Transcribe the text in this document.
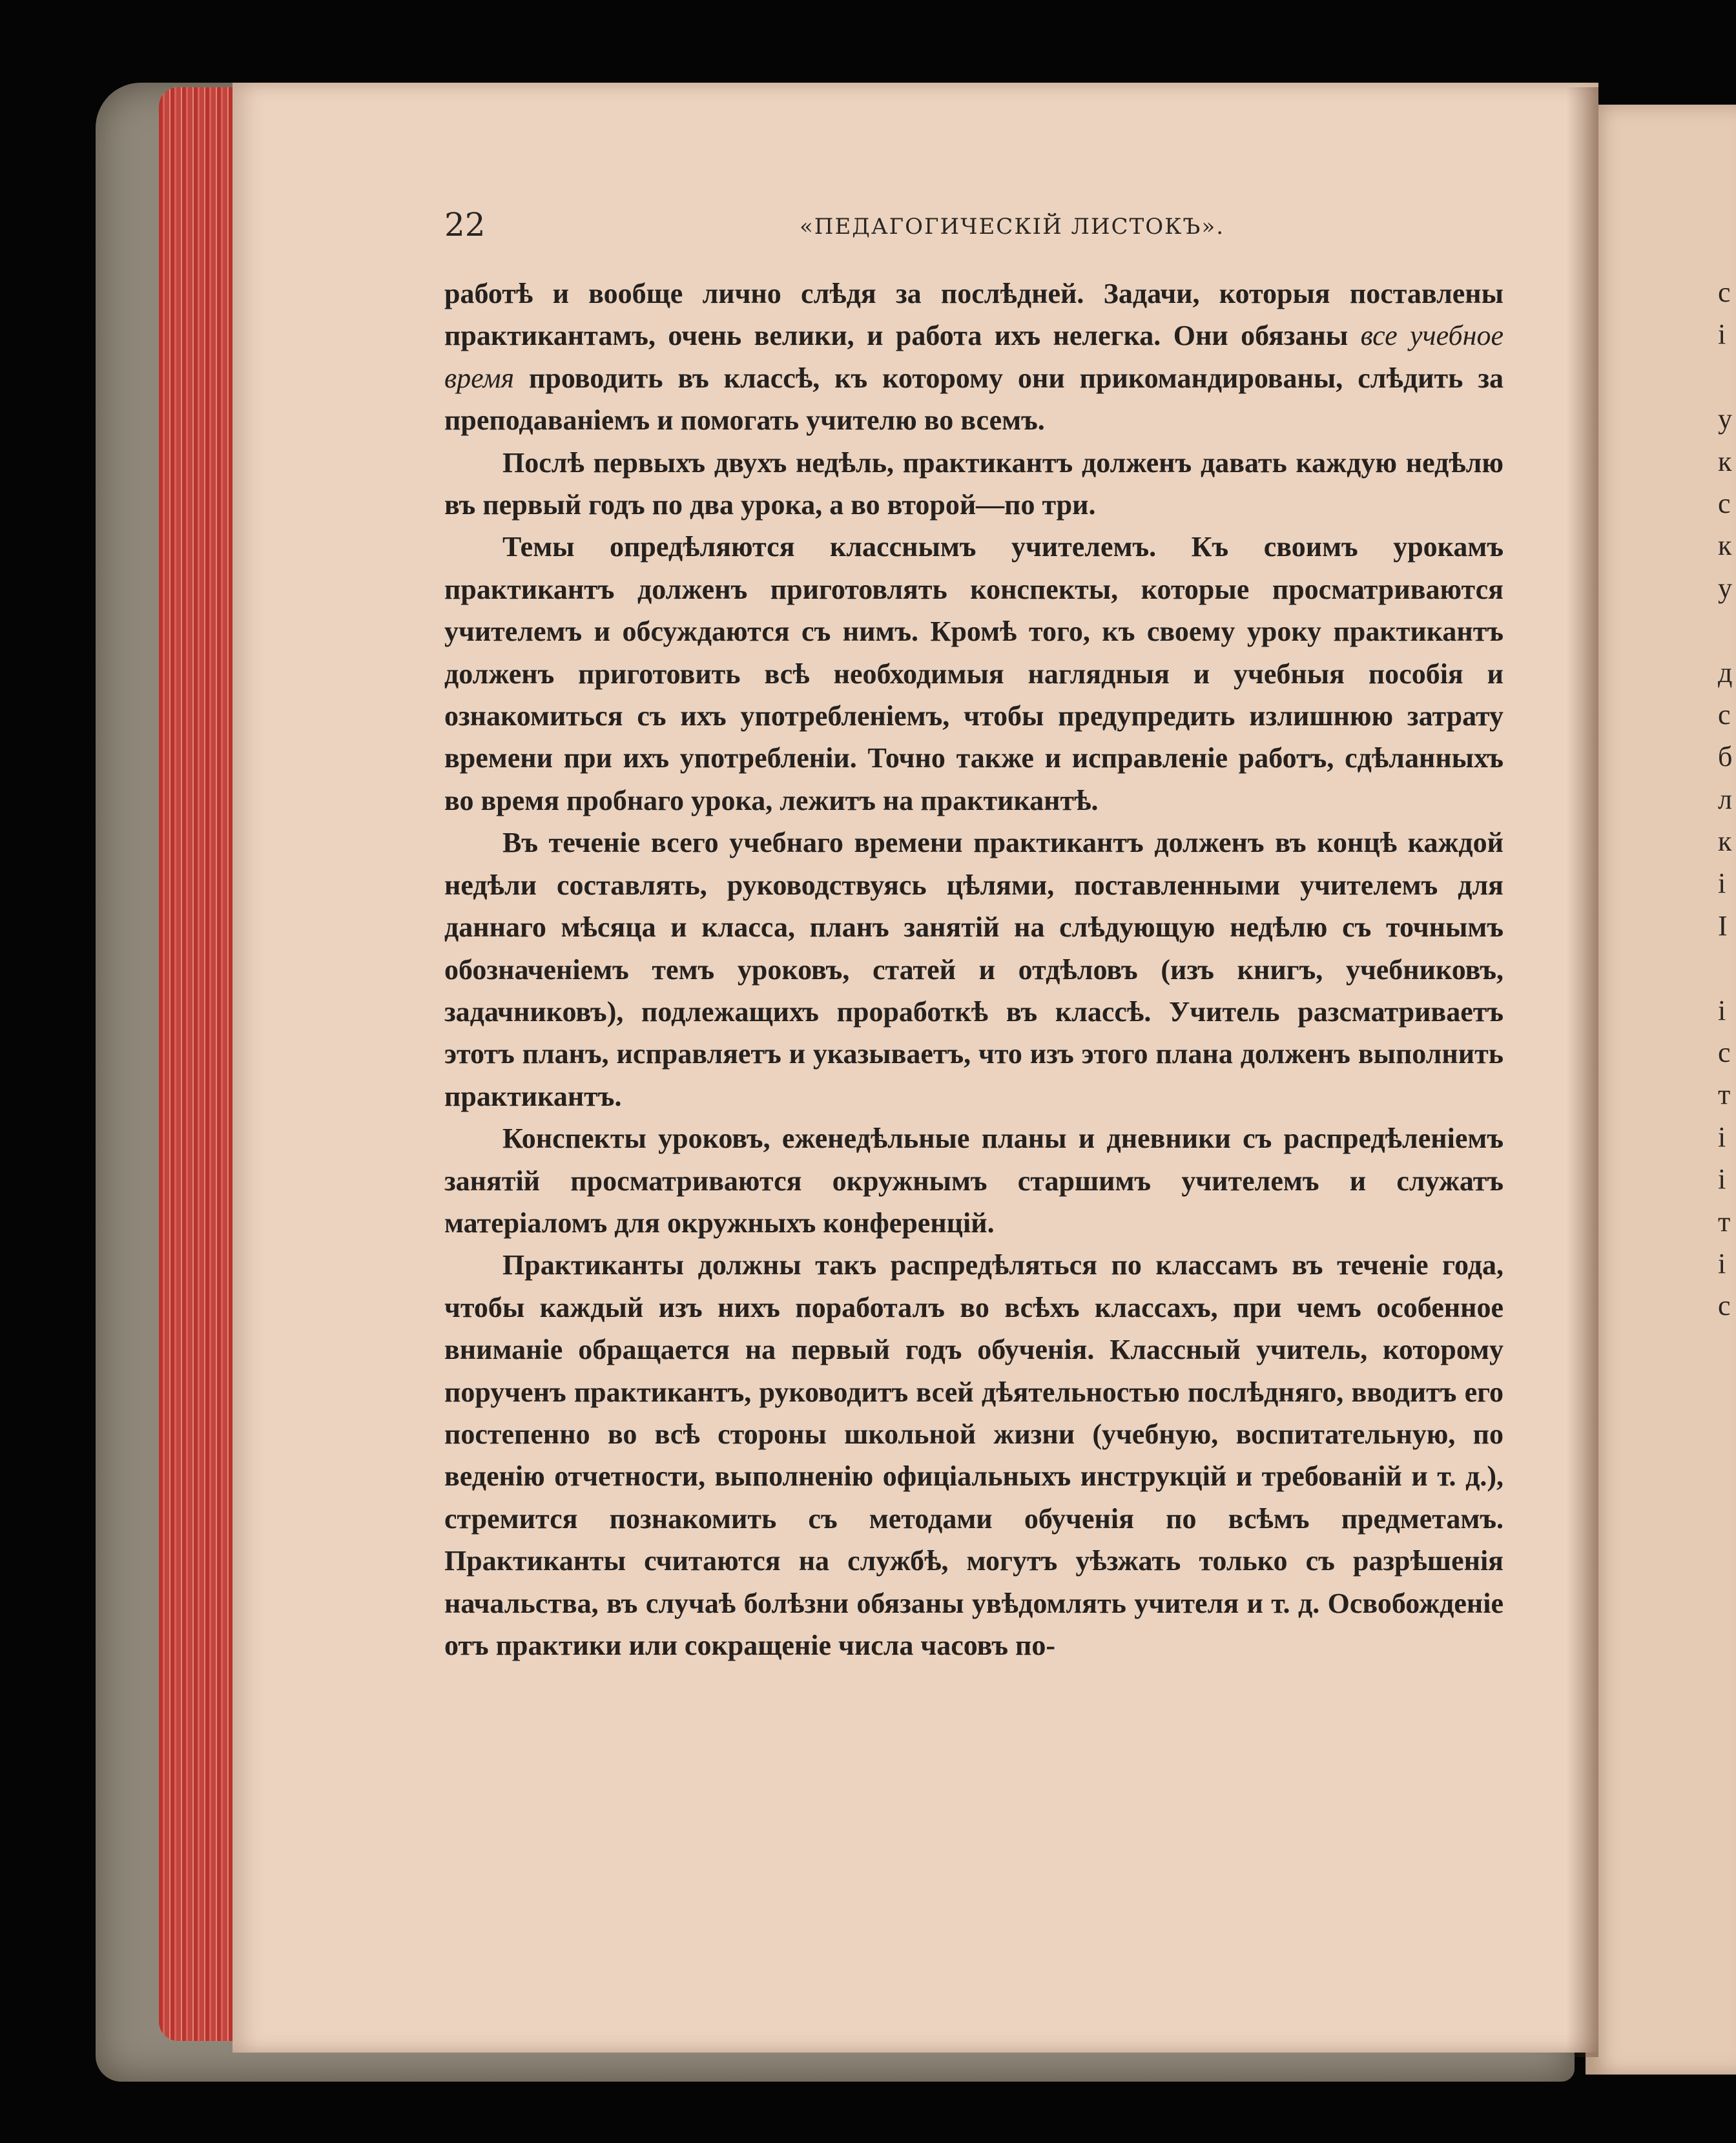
22	«ПЕДАГОГИЧЕСКІЙ ЛИСТОКЪ».

работѣ и вообще лично слѣдя за послѣдней. Задачи, которыя поставлены практикантамъ, очень велики, и работа ихъ нелегка. Они обязаны все учебное время проводить въ классѣ, къ которому они прикомандированы, слѣдить за преподаваніемъ и помогать учителю во всемъ.

Послѣ первыхъ двухъ недѣль, практикантъ долженъ давать каждую недѣлю въ первый годъ по два урока, а во второй—по три.

Темы опредѣляются класснымъ учителемъ. Къ своимъ урокамъ практикантъ долженъ приготовлять конспекты, которые просматриваются учителемъ и обсуждаются съ нимъ. Кромѣ того, къ своему уроку практикантъ долженъ приготовить всѣ необходимыя наглядныя и учебныя пособія и ознакомиться съ ихъ употребленіемъ, чтобы предупредить излишнюю затрату времени при ихъ употребленіи. Точно также и исправленіе работъ, сдѣланныхъ во время пробнаго урока, лежитъ на практикантѣ.

Въ теченіе всего учебнаго времени практикантъ долженъ въ концѣ каждой недѣли составлять, руководствуясь цѣлями, поставленными учителемъ для даннаго мѣсяца и класса, планъ занятій на слѣдующую недѣлю съ точнымъ обозначеніемъ темъ уроковъ, статей и отдѣловъ (изъ книгъ, учебниковъ, задачниковъ), подлежащихъ проработкѣ въ классѣ. Учитель разсматриваетъ этотъ планъ, исправляетъ и указываетъ, что изъ этого плана долженъ выполнить практикантъ.

Конспекты уроковъ, еженедѣльные планы и дневники съ распредѣленіемъ занятій просматриваются окружнымъ старшимъ учителемъ и служатъ матеріаломъ для окружныхъ конференцій.

Практиканты должны такъ распредѣляться по классамъ въ теченіе года, чтобы каждый изъ нихъ поработалъ во всѣхъ классахъ, при чемъ особенное вниманіе обращается на первый годъ обученія. Классный учитель, которому порученъ практикантъ, руководитъ всей дѣятельностью послѣдняго, вводитъ его постепенно во всѣ стороны школьной жизни (учебную, воспитательную, по веденію отчетности, выполненію офиціальныхъ инструкцій и требованій и т. д.), стремится познакомить съ методами обученія по всѣмъ предметамъ. Практиканты считаются на службѣ, могутъ уѣзжать только съ разрѣшенія начальства, въ случаѣ болѣзни обязаны увѣдомлять учителя и т. д. Освобожденіе отъ практики или сокращеніе числа часовъ по-

с
і
у
к
с
к
у
д
с
б
л
к
і
І
і
с
т
і
і
т
і
с
